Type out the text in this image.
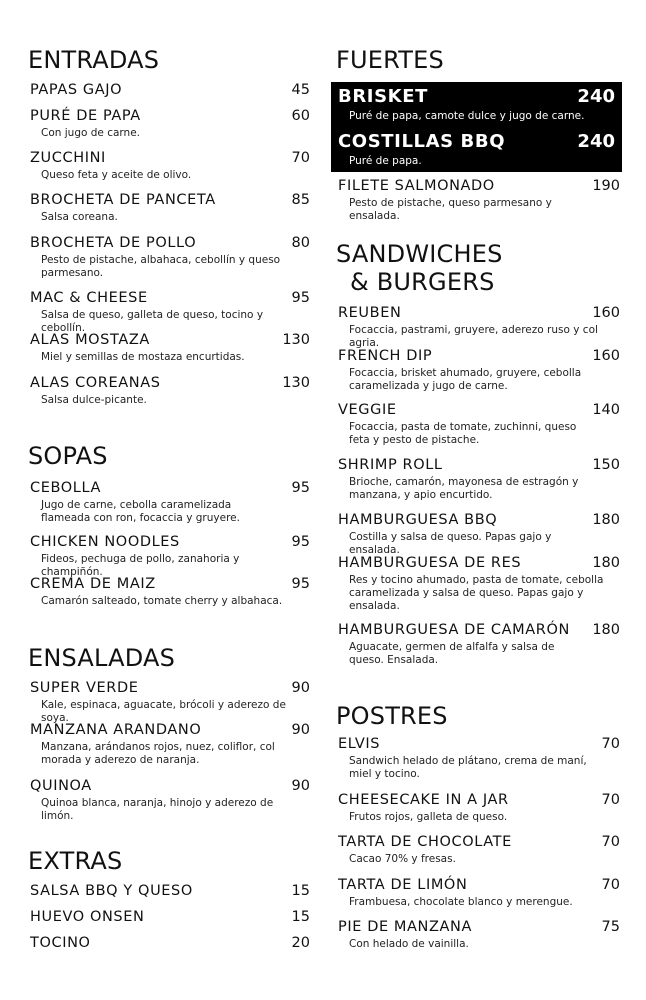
ENTRADAS
PAPAS GAJO	45
PURÉ DE PAPA	60
Con jugo de carne.
ZUCCHINI	70
Queso feta y aceite de olivo.
BROCHETA DE PANCETA	85
Salsa coreana.
BROCHETA DE POLLO	80
Pesto de pistache, albahaca, cebollín y queso parmesano.
MAC & CHEESE	95
Salsa de queso, galleta de queso, tocino y cebollín.
ALAS MOSTAZA	130
Miel y semillas de mostaza encurtidas.
ALAS COREANAS	130
Salsa dulce-picante.
SOPAS
CEBOLLA	95
Jugo de carne, cebolla caramelizada flameada con ron, focaccia y gruyere.
CHICKEN NOODLES	95
Fideos, pechuga de pollo, zanahoria y champiñón.
CREMA DE MAIZ	95
Camarón salteado, tomate cherry y albahaca.
ENSALADAS
SUPER VERDE	90
Kale, espinaca, aguacate, brócoli y aderezo de soya.
MANZANA ARANDANO	90
Manzana, arándanos rojos, nuez, coliflor, col morada y aderezo de naranja.
QUINOA	90
Quinoa blanca, naranja, hinojo y aderezo de limón.
EXTRAS
SALSA BBQ Y QUESO	15
HUEVO ONSEN	15
TOCINO	20
FUERTES
BRISKET	240
Puré de papa, camote dulce y jugo de carne.
COSTILLAS BBQ	240
Puré de papa.
FILETE SALMONADO	190
Pesto de pistache, queso parmesano y ensalada.
SANDWICHES
& BURGERS
REUBEN	160
Focaccia, pastrami, gruyere, aderezo ruso y col agria.
FRENCH DIP	160
Focaccia, brisket ahumado, gruyere, cebolla caramelizada y jugo de carne.
VEGGIE	140
Focaccia, pasta de tomate, zuchinni, queso feta y pesto de pistache.
SHRIMP ROLL	150
Brioche, camarón, mayonesa de estragón y manzana, y apio encurtido.
HAMBURGUESA BBQ	180
Costilla y salsa de queso. Papas gajo y ensalada.
HAMBURGUESA DE RES	180
Res y tocino ahumado, pasta de tomate, cebolla caramelizada y salsa de queso. Papas gajo y ensalada.
HAMBURGUESA DE CAMARÓN 180
Aguacate, germen de alfalfa y salsa de queso. Ensalada.
POSTRES
ELVIS	70
Sandwich helado de plátano, crema de maní, miel y tocino.
CHEESECAKE IN A JAR	70
Frutos rojos, galleta de queso.
TARTA DE CHOCOLATE	70
Cacao 70% y fresas.
TARTA DE LIMÓN	70
Frambuesa, chocolate blanco y merengue.
PIE DE MANZANA	75
Con helado de vainilla.
